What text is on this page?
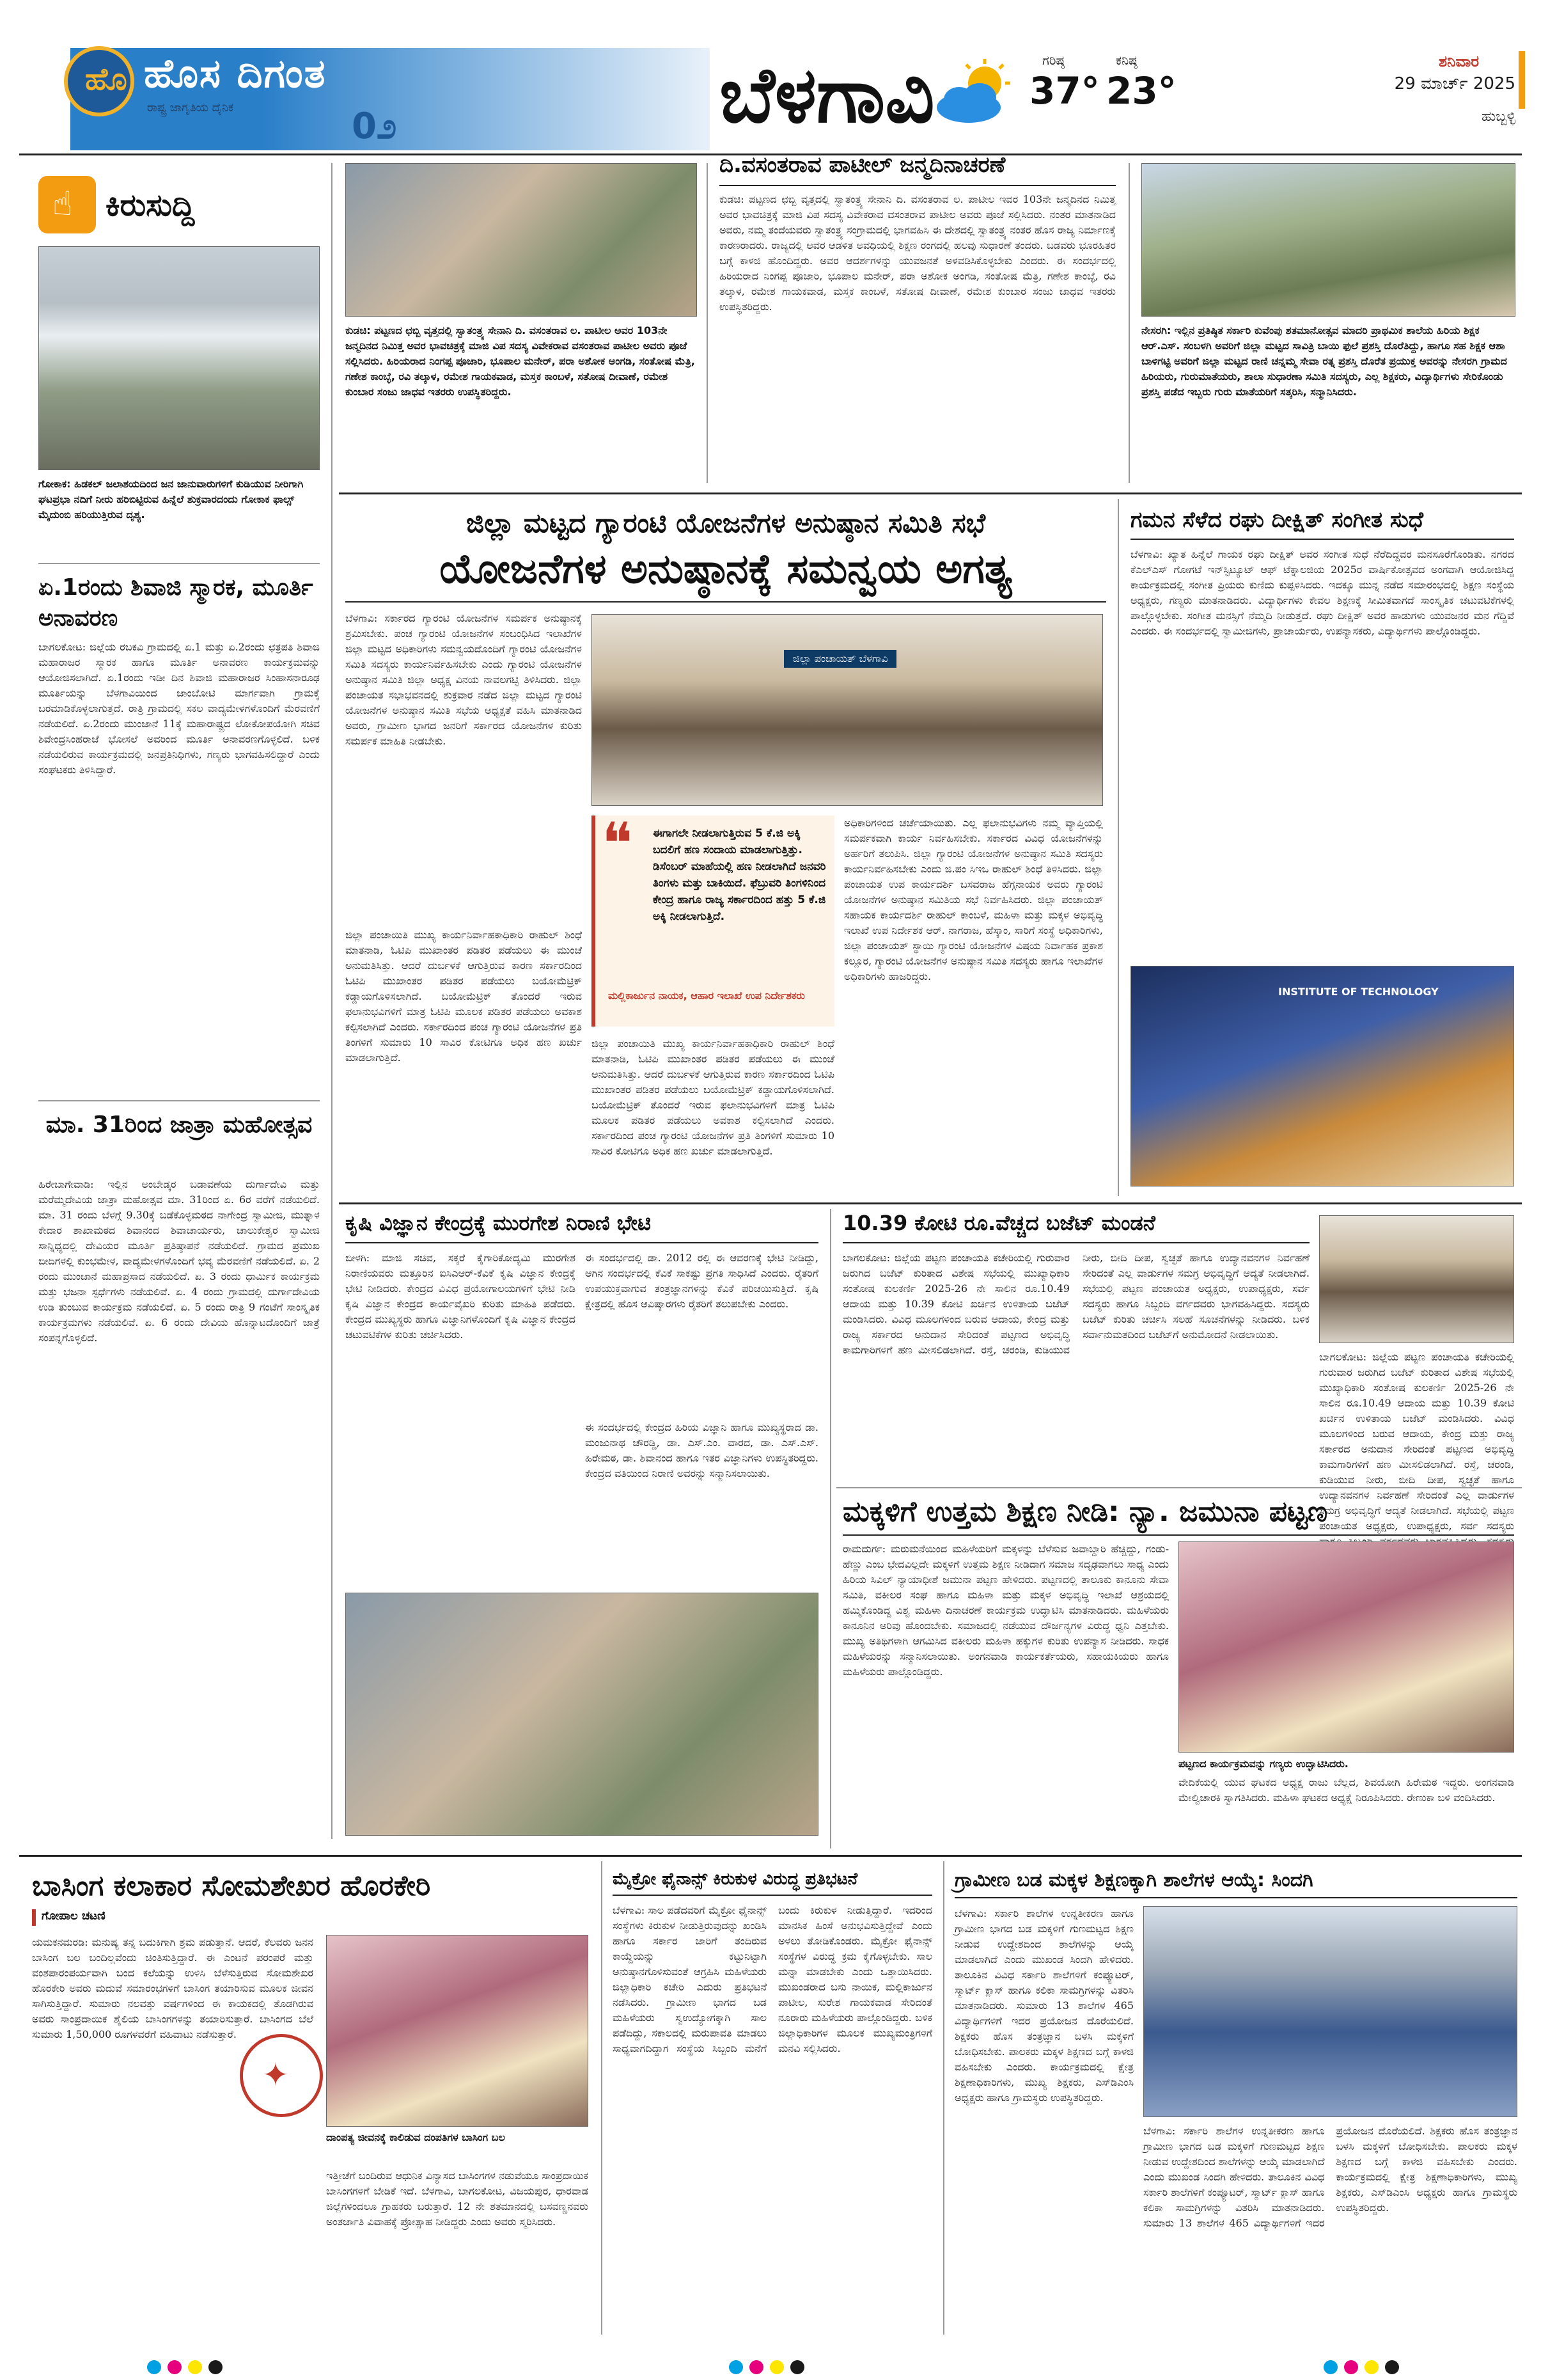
ಹೊ ಹೊಸ ದಿಗಂತ
ರಾಷ್ಟ್ರ ಜಾಗೃತಿಯ ದೈನಿಕ	0೨	ಬೆಳಗಾವಿ	ಗರಿಷ್ಠ
37°
ಕನಿಷ್ಠ
23°
ಶನಿವಾರ
29 ಮಾರ್ಚ್ 2025
ಹುಬ್ಬಳ್ಳಿ
☝ ಕಿರುಸುದ್ದಿ

ಗೋಕಾಕ: ಹಿಡಕಲ್ ಜಲಾಶಯದಿಂದ ಜನ ಜಾನುವಾರುಗಳಿಗೆ ಕುಡಿಯುವ ನೀರಿಗಾಗಿ ಘಟಪ್ರಭಾ ನದಿಗೆ ನೀರು ಹರಿಬಿಟ್ಟಿರುವ ಹಿನ್ನೆಲೆ ಶುಕ್ರವಾರದಂದು ಗೋಕಾಕ ಫಾಲ್ಸ್ ಮೈದುಂಬಿ ಹರಿಯುತ್ತಿರುವ ದೃಶ್ಯ.

ಏ.1ರಂದು ಶಿವಾಜಿ ಸ್ಮಾರಕ, ಮೂರ್ತಿ ಅನಾವರಣ

ಬಾಗಲಕೋಟ: ಜಿಲ್ಲೆಯ ರಬಕವಿ ಗ್ರಾಮದಲ್ಲಿ ಏ.1 ಮತ್ತು ಏ.2ರಂದು ಛತ್ರಪತಿ ಶಿವಾಜಿ ಮಹಾರಾಜರ ಸ್ಮಾರಕ ಹಾಗೂ ಮೂರ್ತಿ ಅನಾವರಣ ಕಾರ್ಯಕ್ರಮವನ್ನು ಆಯೋಜಿಸಲಾಗಿದೆ. ಏ.1ರಂದು ಇಡೀ ದಿನ ಶಿವಾಜಿ ಮಹಾರಾಜರ ಸಿಂಹಾಸನಾರೂಢ ಮೂರ್ತಿಯನ್ನು ಬೆಳಗಾವಿಯಿಂದ ಜಾಂಬೋಟಿ ಮಾರ್ಗವಾಗಿ ಗ್ರಾಮಕ್ಕೆ ಬರಮಾಡಿಕೊಳ್ಳಲಾಗುತ್ತದೆ. ರಾತ್ರಿ ಗ್ರಾಮದಲ್ಲಿ ಸಕಲ ವಾದ್ಯಮೇಳಗಳೊಂದಿಗೆ ಮೆರವಣಿಗೆ ನಡೆಯಲಿದೆ. ಏ.2ರಂದು ಮುಂಜಾನೆ 11ಕ್ಕೆ ಮಹಾರಾಷ್ಟ್ರದ ಲೋಕೋಪಯೋಗಿ ಸಚಿವ ಶಿವೇಂದ್ರಸಿಂಹರಾಜೆ ಭೋಸಲೆ ಅವರಿಂದ ಮೂರ್ತಿ ಅನಾವರಣಗೊಳ್ಳಲಿದೆ. ಬಳಿಕ ನಡೆಯಲಿರುವ ಕಾರ್ಯಕ್ರಮದಲ್ಲಿ ಜನಪ್ರತಿನಿಧಿಗಳು, ಗಣ್ಯರು ಭಾಗವಹಿಸಲಿದ್ದಾರೆ ಎಂದು ಸಂಘಟಕರು ತಿಳಿಸಿದ್ದಾರೆ.

ಮಾ. 31ರಿಂದ ಜಾತ್ರಾ ಮಹೋತ್ಸವ

ಹಿರೇಬಾಗೇವಾಡಿ: ಇಲ್ಲಿನ ಅಂಬೇಡ್ಕರ ಬಡಾವಣೆಯ ದುರ್ಗಾದೇವಿ ಮತ್ತು ಮರೆಮ್ಮದೇವಿಯ ಜಾತ್ರಾ ಮಹೋತ್ಸವ ಮಾ. 31ರಿಂದ ಏ. 6ರ ವರೆಗೆ ನಡೆಯಲಿದೆ. ಮಾ. 31 ರಂದು ಬೆಳಗ್ಗೆ 9.30ಕ್ಕೆ ಬಡೆಕೊಳ್ಳಮಠದ ನಾಗೇಂದ್ರ ಸ್ವಾಮೀಜಿ, ಮುತ್ನಾಳ ಕೇದಾರ ಶಾಖಾಮಠದ ಶಿವಾನಂದ ಶಿವಾಚಾರ್ಯರು, ಚಾಲುಕೇಶ್ವರ ಸ್ವಾಮೀಜಿ ಸಾನ್ನಿಧ್ಯದಲ್ಲಿ ದೇವಿಯರ ಮೂರ್ತಿ ಪ್ರತಿಷ್ಠಾಪನೆ ನಡೆಯಲಿದೆ. ಗ್ರಾಮದ ಪ್ರಮುಖ ಬೀದಿಗಳಲ್ಲಿ ಕುಂಭಮೇಳ, ವಾದ್ಯಮೇಳಗಳೊಂದಿಗೆ ಭವ್ಯ ಮೆರವಣಿಗೆ ನಡೆಯಲಿದೆ. ಏ. 2 ರಂದು ಮುಂಜಾನೆ ಮಹಾಪ್ರಸಾದ ನಡೆಯಲಿದೆ. ಏ. 3 ರಂದು ಧಾರ್ಮಿಕ ಕಾರ್ಯಕ್ರಮ ಮತ್ತು ಭಜನಾ ಸ್ಪರ್ಧೆಗಳು ನಡೆಯಲಿವೆ. ಏ. 4 ರಂದು ಗ್ರಾಮದಲ್ಲಿ ದುರ್ಗಾದೇವಿಯ ಉಡಿ ತುಂಬುವ ಕಾರ್ಯಕ್ರಮ ನಡೆಯಲಿದೆ. ಏ. 5 ರಂದು ರಾತ್ರಿ 9 ಗಂಟೆಗೆ ಸಾಂಸ್ಕೃತಿಕ ಕಾರ್ಯಕ್ರಮಗಳು ನಡೆಯಲಿವೆ. ಏ. 6 ರಂದು ದೇವಿಯ ಹೊನ್ನಾಟದೊಂದಿಗೆ ಜಾತ್ರೆ ಸಂಪನ್ನಗೊಳ್ಳಲಿದೆ.

ಕುಡಚಿ: ಪಟ್ಟಣದ ಛಬ್ಬಿ ವೃತ್ತದಲ್ಲಿ ಸ್ವಾತಂತ್ರ್ಯ ಸೇನಾನಿ ದಿ. ವಸಂತರಾವ ಲ. ಪಾಟೀಲ ಅವರ 103ನೇ ಜನ್ಮದಿನದ ನಿಮಿತ್ತ ಅವರ ಭಾವಚಿತ್ರಕ್ಕೆ ಮಾಜಿ ವಿಪ ಸದಸ್ಯ ವಿವೇಕರಾವ ವಸಂತರಾವ ಪಾಟೀಲ ಅವರು ಪೂಜೆ ಸಲ್ಲಿಸಿದರು. ಹಿರಿಯರಾದ ನಿಂಗಪ್ಪ ಪೂಜಾರಿ, ಭೂಪಾಲ ಮನೇರ್, ಪರಾ ಅಶೋಕ ಅಂಗಡಿ, ಸಂತೋಷ ಮೆತ್ರಿ, ಗಣೇಶ ಕಾಂಬ್ಳೆ, ರವಿ ತಲ್ಕಾಳ, ರಮೇಶ ಗಾಯಕವಾಡ, ಮಸ್ತಕ ಕಾಂಬಳೆ, ಸತೋಷ ದೀವಾಣೆ, ರಮೇಶ ಕುಂಬಾರ ಸಂಜು ಜಾಧವ ಇತರರು ಉಪಸ್ಥಿತರಿದ್ದರು.

ದಿ.ವಸಂತರಾವ ಪಾಟೀಲ್ ಜನ್ಮದಿನಾಚರಣೆ

ಕುಡಚಿ: ಪಟ್ಟಣದ ಛಬ್ಬಿ ವೃತ್ತದಲ್ಲಿ ಸ್ವಾತಂತ್ರ್ಯ ಸೇನಾನಿ ದಿ. ವಸಂತರಾವ ಲ. ಪಾಟೀಲ ಇವರ 103ನೇ ಜನ್ಮದಿನದ ನಿಮಿತ್ತ ಅವರ ಭಾವಚಿತ್ರಕ್ಕೆ ಮಾಜಿ ವಿಪ ಸದಸ್ಯ ವಿವೇಕರಾವ ವಸಂತರಾವ ಪಾಟೀಲ ಅವರು ಪೂಜೆ ಸಲ್ಲಿಸಿದರು. ನಂತರ ಮಾತನಾಡಿದ ಅವರು, ನಮ್ಮ ತಂದೆಯವರು ಸ್ವಾತಂತ್ರ್ಯ ಸಂಗ್ರಾಮದಲ್ಲಿ ಭಾಗವಹಿಸಿ ಈ ದೇಶದಲ್ಲಿ ಸ್ವಾತಂತ್ರ್ಯ ನಂತರ ಹೊಸ ರಾಜ್ಯ ನಿರ್ಮಾಣಕ್ಕೆ ಕಾರಣರಾದರು. ರಾಜ್ಯದಲ್ಲಿ ಅವರ ಆಡಳಿತ ಅವಧಿಯಲ್ಲಿ ಶಿಕ್ಷಣ ರಂಗದಲ್ಲಿ ಹಲವು ಸುಧಾರಣೆ ತಂದರು. ಬಡವರು ಭೂರಹಿತರ ಬಗ್ಗೆ ಕಾಳಜಿ ಹೊಂದಿದ್ದರು. ಅವರ ಆದರ್ಶಗಳನ್ನು ಯುವಜನತೆ ಅಳವಡಿಸಿಕೊಳ್ಳಬೇಕು ಎಂದರು. ಈ ಸಂದರ್ಭದಲ್ಲಿ ಹಿರಿಯರಾದ ನಿಂಗಪ್ಪ ಪೂಜಾರಿ, ಭೂಪಾಲ ಮನೇರ್, ಪರಾ ಅಶೋಕ ಅಂಗಡಿ, ಸಂತೋಷ ಮೆತ್ರಿ, ಗಣೇಶ ಕಾಂಬ್ಳೆ, ರವಿ ತಲ್ಕಾಳ, ರಮೇಶ ಗಾಯಕವಾಡ, ಮಸ್ತಕ ಕಾಂಬಳೆ, ಸತೋಷ ದೀವಾಣೆ, ರಮೇಶ ಕುಂಬಾರ ಸಂಜು ಜಾಧವ ಇತರರು ಉಪಸ್ಥಿತರಿದ್ದರು.

ನೇಸರಗಿ: ಇಲ್ಲಿನ ಪ್ರತಿಷ್ಠಿತ ಸರ್ಕಾರಿ ಕುವೆಂಪು ಶತಮಾನೋತ್ಸವ ಮಾದರಿ ಪ್ರಾಥಮಿಕ ಶಾಲೆಯ ಹಿರಿಯ ಶಿಕ್ಷಕ ಆರ್.ಎಸ್. ಸಂಬಳಗಿ ಅವರಿಗೆ ಜಿಲ್ಲಾ ಮಟ್ಟದ ಸಾವಿತ್ರಿ ಬಾಯಿ ಫುಲೆ ಪ್ರಶಸ್ತಿ ದೊರೆತಿದ್ದು, ಹಾಗೂ ಸಹ ಶಿಕ್ಷಕ ಆಶಾ ಬಾಳಿಗಟ್ಟಿ ಅವರಿಗೆ ಜಿಲ್ಲಾ ಮಟ್ಟದ ರಾಣಿ ಚನ್ನಮ್ಮ ಸೇವಾ ರತ್ನ ಪ್ರಶಸ್ತಿ ದೊರೆತ ಪ್ರಯುಕ್ತ ಅವರನ್ನು ನೇಸರಗಿ ಗ್ರಾಮದ ಹಿರಿಯರು, ಗುರುಮಾತೆಯರು, ಶಾಲಾ ಸುಧಾರಣಾ ಸಮಿತಿ ಸದಸ್ಯರು, ಎಲ್ಲ ಶಿಕ್ಷಕರು, ವಿದ್ಯಾರ್ಥಿಗಳು ಸೇರಿಕೊಂಡು ಪ್ರಶಸ್ತಿ ಪಡೆದ ಇಬ್ಬರು ಗುರು ಮಾತೆಯರಿಗೆ ಸತ್ಕರಿಸಿ, ಸನ್ಮಾನಿಸಿದರು.

ಜಿಲ್ಲಾ ಮಟ್ಟದ ಗ್ಯಾರಂಟಿ ಯೋಜನೆಗಳ ಅನುಷ್ಠಾನ ಸಮಿತಿ ಸಭೆ
ಯೋಜನೆಗಳ ಅನುಷ್ಠಾನಕ್ಕೆ ಸಮನ್ವಯ ಅಗತ್ಯ

ಬೆಳಗಾವಿ: ಸರ್ಕಾರದ ಗ್ಯಾರಂಟಿ ಯೋಜನೆಗಳ ಸಮರ್ಪಕ ಅನುಷ್ಠಾನಕ್ಕೆ ಶ್ರಮಿಸಬೇಕು. ಪಂಚ ಗ್ಯಾರಂಟಿ ಯೋಜನೆಗಳ ಸಂಬಂಧಿಸಿದ ಇಲಾಖೆಗಳ ಜಿಲ್ಲಾ ಮಟ್ಟದ ಅಧಿಕಾರಿಗಳು ಸಮನ್ವಯದೊಂದಿಗೆ ಗ್ಯಾರಂಟಿ ಯೋಜನೆಗಳ ಸಮಿತಿ ಸದಸ್ಯರು ಕಾರ್ಯನಿರ್ವಹಿಸಬೇಕು ಎಂದು ಗ್ಯಾರಂಟಿ ಯೋಜನೆಗಳ ಅನುಷ್ಠಾನ ಸಮಿತಿ ಜಿಲ್ಲಾ ಅಧ್ಯಕ್ಷ ವಿನಯ ನಾವಲಗಟ್ಟಿ ತಿಳಿಸಿದರು. ಜಿಲ್ಲಾ ಪಂಚಾಯತ ಸಭಾಭವನದಲ್ಲಿ ಶುಕ್ರವಾರ ನಡೆದ ಜಿಲ್ಲಾ ಮಟ್ಟದ ಗ್ಯಾರಂಟಿ ಯೋಜನೆಗಳ ಅನುಷ್ಠಾನ ಸಮಿತಿ ಸಭೆಯ ಅಧ್ಯಕ್ಷತೆ ವಹಿಸಿ ಮಾತನಾಡಿದ ಅವರು, ಗ್ರಾಮೀಣ ಭಾಗದ ಜನರಿಗೆ ಸರ್ಕಾರದ ಯೋಜನೆಗಳ ಕುರಿತು ಸಮರ್ಪಕ ಮಾಹಿತಿ ನೀಡಬೇಕು.

ಜಿಲ್ಲಾ ಪಂಚಾಯಿತಿ ಮುಖ್ಯ ಕಾರ್ಯನಿರ್ವಾಹಕಾಧಿಕಾರಿ ರಾಹುಲ್ ಶಿಂಧೆ ಮಾತನಾಡಿ, ಓಟಿಪಿ ಮುಖಾಂತರ ಪಡಿತರ ಪಡೆಯಲು ಈ ಮುಂಚೆ ಅನುಮತಿಸಿತ್ತು. ಆದರೆ ದುರ್ಬಳಕೆ ಆಗುತ್ತಿರುವ ಕಾರಣ ಸರ್ಕಾರದಿಂದ ಓಟಿಪಿ ಮುಖಾಂತರ ಪಡಿತರ ಪಡೆಯಲು ಬಯೋಮೆಟ್ರಿಕ್ ಕಡ್ಡಾಯಗೊಳಿಸಲಾಗಿದೆ. ಬಯೋಮೆಟ್ರಿಕ್ ತೊಂದರೆ ಇರುವ ಫಲಾನುಭವಿಗಳಿಗೆ ಮಾತ್ರ ಓಟಿಪಿ ಮೂಲಕ ಪಡಿತರ ಪಡೆಯಲು ಅವಕಾಶ ಕಲ್ಪಿಸಲಾಗಿದೆ ಎಂದರು. ಸರ್ಕಾರದಿಂದ ಪಂಚ ಗ್ಯಾರಂಟಿ ಯೋಜನೆಗಳ ಪ್ರತಿ ತಿಂಗಳಿಗೆ ಸುಮಾರು 10 ಸಾವಿರ ಕೋಟಿಗೂ ಅಧಿಕ ಹಣ ಖರ್ಚು ಮಾಡಲಾಗುತ್ತಿದೆ.

ಜಿಲ್ಲಾ ಪಂಚಾಯತ್ ಬೆಳಗಾವಿ
❝ ಈಗಾಗಲೇ ನೀಡಲಾಗುತ್ತಿರುವ 5 ಕೆ.ಜಿ ಅಕ್ಕಿ ಬದಲಿಗೆ ಹಣ ಸಂದಾಯ ಮಾಡಲಾಗುತ್ತಿತ್ತು. ಡಿಸೆಂಬರ್ ಮಾಹೆಯಲ್ಲಿ ಹಣ ನೀಡಲಾಗಿದೆ ಜನವರಿ ತಿಂಗಳು ಮತ್ತು ಬಾಕಿಯಿದೆ. ಫೆಬ್ರುವರಿ ತಿಂಗಳಿನಿಂದ ಕೇಂದ್ರ ಹಾಗೂ ರಾಜ್ಯ ಸರ್ಕಾರದಿಂದ ಹತ್ತು 5 ಕೆ.ಜಿ ಅಕ್ಕಿ ನೀಡಲಾಗುತ್ತಿದೆ.

ಮಲ್ಲಿಕಾರ್ಜುನ ನಾಯಕ, ಆಹಾರ ಇಲಾಖೆ ಉಪ ನಿರ್ದೇಶಕರು

ಅಧಿಕಾರಿಗಳಿಂದ ಚರ್ಚೆಯಾಯಿತು. ಎಲ್ಲ ಫಲಾನುಭವಿಗಳು ನಮ್ಮ ವ್ಯಾಪ್ತಿಯಲ್ಲಿ ಸಮರ್ಪಕವಾಗಿ ಕಾರ್ಯ ನಿರ್ವಹಿಸಬೇಕು. ಸರ್ಕಾರದ ವಿವಿಧ ಯೋಜನೆಗಳನ್ನು ಅರ್ಹರಿಗೆ ತಲುಪಿಸಿ. ಜಿಲ್ಲಾ ಗ್ಯಾರಂಟಿ ಯೋಜನೆಗಳ ಅನುಷ್ಠಾನ ಸಮಿತಿ ಸದಸ್ಯರು ಕಾರ್ಯನಿರ್ವಹಿಸಬೇಕು ಎಂದು ಜಿ.ಪಂ ಸಿಇಒ ರಾಹುಲ್ ಶಿಂಧೆ ತಿಳಿಸಿದರು. ಜಿಲ್ಲಾ ಪಂಚಾಯತ ಉಪ ಕಾರ್ಯದರ್ಶಿ ಬಸವರಾಜ ಹೆಗ್ಗನಾಯಕ ಅವರು ಗ್ಯಾರಂಟಿ ಯೋಜನೆಗಳ ಅನುಷ್ಠಾನ ಸಮಿತಿಯ ಸಭೆ ನಿರ್ವಹಿಸಿದರು. ಜಿಲ್ಲಾ ಪಂಚಾಯತ್ ಸಹಾಯಕ ಕಾರ್ಯದರ್ಶಿ ರಾಹುಲ್ ಕಾಂಬಳೆ, ಮಹಿಳಾ ಮತ್ತು ಮಕ್ಕಳ ಅಭಿವೃದ್ಧಿ ಇಲಾಖೆ ಉಪ ನಿರ್ದೇಶಕ ಆರ್. ನಾಗರಾಜ, ಹೆಸ್ಕಾಂ, ಸಾರಿಗೆ ಸಂಸ್ಥೆ ಅಧಿಕಾರಿಗಳು, ಜಿಲ್ಲಾ ಪಂಚಾಯತ್ ಸ್ಥಾಯಿ ಗ್ಯಾರಂಟಿ ಯೋಜನೆಗಳ ವಿಷಯ ನಿರ್ವಾಹಕ ಪ್ರಕಾಶ ಕಲ್ಲೂರ, ಗ್ಯಾರಂಟಿ ಯೋಜನೆಗಳ ಅನುಷ್ಠಾನ ಸಮಿತಿ ಸದಸ್ಯರು ಹಾಗೂ ಇಲಾಖೆಗಳ ಅಧಿಕಾರಿಗಳು ಹಾಜರಿದ್ದರು.

ಜಿಲ್ಲಾ ಪಂಚಾಯಿತಿ ಮುಖ್ಯ ಕಾರ್ಯನಿರ್ವಾಹಕಾಧಿಕಾರಿ ರಾಹುಲ್ ಶಿಂಧೆ ಮಾತನಾಡಿ, ಓಟಿಪಿ ಮುಖಾಂತರ ಪಡಿತರ ಪಡೆಯಲು ಈ ಮುಂಚೆ ಅನುಮತಿಸಿತ್ತು. ಆದರೆ ದುರ್ಬಳಕೆ ಆಗುತ್ತಿರುವ ಕಾರಣ ಸರ್ಕಾರದಿಂದ ಓಟಿಪಿ ಮುಖಾಂತರ ಪಡಿತರ ಪಡೆಯಲು ಬಯೋಮೆಟ್ರಿಕ್ ಕಡ್ಡಾಯಗೊಳಿಸಲಾಗಿದೆ. ಬಯೋಮೆಟ್ರಿಕ್ ತೊಂದರೆ ಇರುವ ಫಲಾನುಭವಿಗಳಿಗೆ ಮಾತ್ರ ಓಟಿಪಿ ಮೂಲಕ ಪಡಿತರ ಪಡೆಯಲು ಅವಕಾಶ ಕಲ್ಪಿಸಲಾಗಿದೆ ಎಂದರು. ಸರ್ಕಾರದಿಂದ ಪಂಚ ಗ್ಯಾರಂಟಿ ಯೋಜನೆಗಳ ಪ್ರತಿ ತಿಂಗಳಿಗೆ ಸುಮಾರು 10 ಸಾವಿರ ಕೋಟಿಗೂ ಅಧಿಕ ಹಣ ಖರ್ಚು ಮಾಡಲಾಗುತ್ತಿದೆ.

ಗಮನ ಸೆಳೆದ ರಘು ದೀಕ್ಷಿತ್ ಸಂಗೀತ ಸುಧೆ

ಬೆಳಗಾವಿ: ಖ್ಯಾತ ಹಿನ್ನೆಲೆ ಗಾಯಕ ರಘು ದೀಕ್ಷಿತ್ ಅವರ ಸಂಗೀತ ಸುಧೆ ನೆರೆದಿದ್ದವರ ಮನಸೂರೆಗೊಂಡಿತು. ನಗರದ ಕೆಎಲ್‌ಎಸ್ ಗೋಗಟೆ ಇನ್‌ಸ್ಟಿಟ್ಯೂಟ್ ಆಫ್ ಟೆಕ್ನಾಲಜಿಯ 2025ರ ವಾರ್ಷಿಕೋತ್ಸವದ ಅಂಗವಾಗಿ ಆಯೋಜಿಸಿದ್ದ ಕಾರ್ಯಕ್ರಮದಲ್ಲಿ ಸಂಗೀತ ಪ್ರಿಯರು ಕುಣಿದು ಕುಪ್ಪಳಿಸಿದರು. ಇದಕ್ಕೂ ಮುನ್ನ ನಡೆದ ಸಮಾರಂಭದಲ್ಲಿ ಶಿಕ್ಷಣ ಸಂಸ್ಥೆಯ ಅಧ್ಯಕ್ಷರು, ಗಣ್ಯರು ಮಾತನಾಡಿದರು. ವಿದ್ಯಾರ್ಥಿಗಳು ಕೇವಲ ಶಿಕ್ಷಣಕ್ಕೆ ಸೀಮಿತವಾಗದೆ ಸಾಂಸ್ಕೃತಿಕ ಚಟುವಟಿಕೆಗಳಲ್ಲಿ ಪಾಲ್ಗೊಳ್ಳಬೇಕು. ಸಂಗೀತ ಮನಸ್ಸಿಗೆ ನೆಮ್ಮದಿ ನೀಡುತ್ತದೆ. ರಘು ದೀಕ್ಷಿತ್ ಅವರ ಹಾಡುಗಳು ಯುವಜನರ ಮನ ಗೆದ್ದಿವೆ ಎಂದರು. ಈ ಸಂದರ್ಭದಲ್ಲಿ ಸ್ವಾಮೀಜಿಗಳು, ಪ್ರಾಚಾರ್ಯರು, ಉಪನ್ಯಾಸಕರು, ವಿದ್ಯಾರ್ಥಿಗಳು ಪಾಲ್ಗೊಂಡಿದ್ದರು.

INSTITUTE OF TECHNOLOGY
ಕೃಷಿ ವಿಜ್ಞಾನ ಕೇಂದ್ರಕ್ಕೆ ಮುರಗೇಶ ನಿರಾಣಿ ಭೇಟಿ

ಬೀಳಗಿ: ಮಾಜಿ ಸಚಿವ, ಸಕ್ಕರೆ ಕೈಗಾರಿಕೋದ್ಯಮಿ ಮುರಗೇಶ ನಿರಾಣಿಯವರು ಮತ್ತೂರಿನ ಐಸಿಎಆರ್-ಕೆವಿಕೆ ಕೃಷಿ ವಿಜ್ಞಾನ ಕೇಂದ್ರಕ್ಕೆ ಭೇಟಿ ನೀಡಿದರು. ಕೇಂದ್ರದ ವಿವಿಧ ಪ್ರಯೋಗಾಲಯಗಳಿಗೆ ಭೇಟಿ ನೀಡಿ ಕೃಷಿ ವಿಜ್ಞಾನ ಕೇಂದ್ರದ ಕಾರ್ಯವೈಖರಿ ಕುರಿತು ಮಾಹಿತಿ ಪಡೆದರು. ಕೇಂದ್ರದ ಮುಖ್ಯಸ್ಥರು ಹಾಗೂ ವಿಜ್ಞಾನಿಗಳೊಂದಿಗೆ ಕೃಷಿ ವಿಜ್ಞಾನ ಕೇಂದ್ರದ ಚಟುವಟಿಕೆಗಳ ಕುರಿತು ಚರ್ಚಿಸಿದರು.

ಈ ಸಂದರ್ಭದಲ್ಲಿ ಡಾ. 2012 ರಲ್ಲಿ ಈ ಆವರಣಕ್ಕೆ ಭೇಟಿ ನೀಡಿದ್ದು, ಆಗಿನ ಸಂದರ್ಭದಲ್ಲಿ ಕೆವಿಕೆ ಸಾಕಷ್ಟು ಪ್ರಗತಿ ಸಾಧಿಸಿದೆ ಎಂದರು. ರೈತರಿಗೆ ಉಪಯುಕ್ತವಾಗುವ ತಂತ್ರಜ್ಞಾನಗಳನ್ನು ಕೆವಿಕೆ ಪರಿಚಯಿಸುತ್ತಿದೆ. ಕೃಷಿ ಕ್ಷೇತ್ರದಲ್ಲಿ ಹೊಸ ಆವಿಷ್ಕಾರಗಳು ರೈತರಿಗೆ ತಲುಪಬೇಕು ಎಂದರು.

ಈ ಸಂದರ್ಭದಲ್ಲಿ ಕೇಂದ್ರದ ಹಿರಿಯ ವಿಜ್ಞಾನಿ ಹಾಗೂ ಮುಖ್ಯಸ್ಥರಾದ ಡಾ. ಮಂಜುನಾಥ ಚೌರಡ್ಡಿ, ಡಾ. ಎಸ್.ಎಂ. ವಾರದ, ಡಾ. ಎಸ್.ಎಸ್. ಹಿರೇಮಠ, ಡಾ. ಶಿವಾನಂದ ಹಾಗೂ ಇತರ ವಿಜ್ಞಾನಿಗಳು ಉಪಸ್ಥಿತರಿದ್ದರು. ಕೇಂದ್ರದ ವತಿಯಿಂದ ನಿರಾಣಿ ಅವರನ್ನು ಸನ್ಮಾನಿಸಲಾಯಿತು.

10.39 ಕೋಟಿ ರೂ.ವೆಚ್ಚದ ಬಜೆಟ್ ಮಂಡನೆ

ಬಾಗಲಕೋಟ: ಜಿಲ್ಲೆಯ ಪಟ್ಟಣ ಪಂಚಾಯತಿ ಕಚೇರಿಯಲ್ಲಿ ಗುರುವಾರ ಜರುಗಿದ ಬಜೆಟ್ ಕುರಿತಾದ ವಿಶೇಷ ಸಭೆಯಲ್ಲಿ ಮುಖ್ಯಾಧಿಕಾರಿ ಸಂತೋಷ ಕುಲಕರ್ಣಿ 2025-26 ನೇ ಸಾಲಿನ ರೂ.10.49 ಆದಾಯ ಮತ್ತು 10.39 ಕೋಟಿ ಖರ್ಚಿನ ಉಳಿತಾಯ ಬಜೆಟ್ ಮಂಡಿಸಿದರು. ವಿವಿಧ ಮೂಲಗಳಿಂದ ಬರುವ ಆದಾಯ, ಕೇಂದ್ರ ಮತ್ತು ರಾಜ್ಯ ಸರ್ಕಾರದ ಅನುದಾನ ಸೇರಿದಂತೆ ಪಟ್ಟಣದ ಅಭಿವೃದ್ಧಿ ಕಾಮಗಾರಿಗಳಿಗೆ ಹಣ ಮೀಸಲಿಡಲಾಗಿದೆ. ರಸ್ತೆ, ಚರಂಡಿ, ಕುಡಿಯುವ ನೀರು, ಬೀದಿ ದೀಪ, ಸ್ವಚ್ಛತೆ ಹಾಗೂ ಉದ್ಯಾನವನಗಳ ನಿರ್ವಹಣೆ ಸೇರಿದಂತೆ ಎಲ್ಲ ವಾರ್ಡುಗಳ ಸಮಗ್ರ ಅಭಿವೃದ್ಧಿಗೆ ಆದ್ಯತೆ ನೀಡಲಾಗಿದೆ. ಸಭೆಯಲ್ಲಿ ಪಟ್ಟಣ ಪಂಚಾಯತ ಅಧ್ಯಕ್ಷರು, ಉಪಾಧ್ಯಕ್ಷರು, ಸರ್ವ ಸದಸ್ಯರು ಹಾಗೂ ಸಿಬ್ಬಂದಿ ವರ್ಗದವರು ಭಾಗವಹಿಸಿದ್ದರು. ಸದಸ್ಯರು ಬಜೆಟ್ ಕುರಿತು ಚರ್ಚಿಸಿ ಸಲಹೆ ಸೂಚನೆಗಳನ್ನು ನೀಡಿದರು. ಬಳಿಕ ಸರ್ವಾನುಮತದಿಂದ ಬಜೆಟ್‌ಗೆ ಅನುಮೋದನೆ ನೀಡಲಾಯಿತು.

ಬಾಗಲಕೋಟ: ಜಿಲ್ಲೆಯ ಪಟ್ಟಣ ಪಂಚಾಯತಿ ಕಚೇರಿಯಲ್ಲಿ ಗುರುವಾರ ಜರುಗಿದ ಬಜೆಟ್ ಕುರಿತಾದ ವಿಶೇಷ ಸಭೆಯಲ್ಲಿ ಮುಖ್ಯಾಧಿಕಾರಿ ಸಂತೋಷ ಕುಲಕರ್ಣಿ 2025-26 ನೇ ಸಾಲಿನ ರೂ.10.49 ಆದಾಯ ಮತ್ತು 10.39 ಕೋಟಿ ಖರ್ಚಿನ ಉಳಿತಾಯ ಬಜೆಟ್ ಮಂಡಿಸಿದರು. ವಿವಿಧ ಮೂಲಗಳಿಂದ ಬರುವ ಆದಾಯ, ಕೇಂದ್ರ ಮತ್ತು ರಾಜ್ಯ ಸರ್ಕಾರದ ಅನುದಾನ ಸೇರಿದಂತೆ ಪಟ್ಟಣದ ಅಭಿವೃದ್ಧಿ ಕಾಮಗಾರಿಗಳಿಗೆ ಹಣ ಮೀಸಲಿಡಲಾಗಿದೆ. ರಸ್ತೆ, ಚರಂಡಿ, ಕುಡಿಯುವ ನೀರು, ಬೀದಿ ದೀಪ, ಸ್ವಚ್ಛತೆ ಹಾಗೂ ಉದ್ಯಾನವನಗಳ ನಿರ್ವಹಣೆ ಸೇರಿದಂತೆ ಎಲ್ಲ ವಾರ್ಡುಗಳ ಸಮಗ್ರ ಅಭಿವೃದ್ಧಿಗೆ ಆದ್ಯತೆ ನೀಡಲಾಗಿದೆ. ಸಭೆಯಲ್ಲಿ ಪಟ್ಟಣ ಪಂಚಾಯತ ಅಧ್ಯಕ್ಷರು, ಉಪಾಧ್ಯಕ್ಷರು, ಸರ್ವ ಸದಸ್ಯರು

ಮಕ್ಕಳಿಗೆ ಉತ್ತಮ ಶಿಕ್ಷಣ ನೀಡಿ: ನ್ಯಾ. ಜಮುನಾ ಪಟ್ಟಣ

ರಾಮದುರ್ಗ: ಮರುಮನೆಯಿಂದ ಮಹಿಳೆಯರಿಗೆ ಮಕ್ಕಳನ್ನು ಬೆಳೆಸುವ ಜವಾಬ್ದಾರಿ ಹೆಚ್ಚಿದ್ದು, ಗಂಡು-ಹೆಣ್ಣು ಎಂಬ ಭೇದವಿಲ್ಲದೇ ಮಕ್ಕಳಿಗೆ ಉತ್ತಮ ಶಿಕ್ಷಣ ನೀಡಿದಾಗ ಸಮಾಜ ಸದೃಢವಾಗಲು ಸಾಧ್ಯ ಎಂದು ಹಿರಿಯ ಸಿವಿಲ್ ನ್ಯಾಯಾಧೀಶೆ ಜಮುನಾ ಪಟ್ಟಣ ಹೇಳಿದರು. ಪಟ್ಟಣದಲ್ಲಿ ತಾಲೂಕು ಕಾನೂನು ಸೇವಾ ಸಮಿತಿ, ವಕೀಲರ ಸಂಘ ಹಾಗೂ ಮಹಿಳಾ ಮತ್ತು ಮಕ್ಕಳ ಅಭಿವೃದ್ಧಿ ಇಲಾಖೆ ಆಶ್ರಯದಲ್ಲಿ ಹಮ್ಮಿಕೊಂಡಿದ್ದ ವಿಶ್ವ ಮಹಿಳಾ ದಿನಾಚರಣೆ ಕಾರ್ಯಕ್ರಮ ಉದ್ಘಾಟಿಸಿ ಮಾತನಾಡಿದರು. ಮಹಿಳೆಯರು ಕಾನೂನಿನ ಅರಿವು ಹೊಂದಬೇಕು. ಸಮಾಜದಲ್ಲಿ ನಡೆಯುವ ದೌರ್ಜನ್ಯಗಳ ವಿರುದ್ಧ ಧ್ವನಿ ಎತ್ತಬೇಕು. ಮುಖ್ಯ ಅತಿಥಿಗಳಾಗಿ ಆಗಮಿಸಿದ ವಕೀಲರು ಮಹಿಳಾ ಹಕ್ಕುಗಳ ಕುರಿತು ಉಪನ್ಯಾಸ ನೀಡಿದರು. ಸಾಧಕ ಮಹಿಳೆಯರನ್ನು ಸನ್ಮಾನಿಸಲಾಯಿತು. ಅಂಗನವಾಡಿ ಕಾರ್ಯಕರ್ತೆಯರು, ಸಹಾಯಕಿಯರು ಹಾಗೂ ಮಹಿಳೆಯರು ಪಾಲ್ಗೊಂಡಿದ್ದರು.

ಪಟ್ಟಣದ ಕಾರ್ಯಕ್ರಮವನ್ನು ಗಣ್ಯರು ಉದ್ಘಾಟಿಸಿದರು.

ವೇದಿಕೆಯಲ್ಲಿ ಯುವ ಘಟಕದ ಅಧ್ಯಕ್ಷ ರಾಜು ಬೆಲ್ಲದ, ಶಿವಯೋಗಿ ಹಿರೇಮಠ ಇದ್ದರು. ಅಂಗನವಾಡಿ ಮೇಲ್ವಿಚಾರಕಿ ಸ್ವಾಗತಿಸಿದರು. ಮಹಿಳಾ ಘಟಕದ ಅಧ್ಯಕ್ಷೆ ನಿರೂಪಿಸಿದರು. ರೇಣುಕಾ ಬಳಿ ವಂದಿಸಿದರು.

ಬಾಸಿಂಗ ಕಲಾಕಾರ ಸೋಮಶೇಖರ ಹೊರಕೇರಿ
ಗೋಪಾಲ ಚಟಣಿ

ಯಮಕನಮರಡಿ: ಮನುಷ್ಯ ತನ್ನ ಬದುಕಿಗಾಗಿ ಶ್ರಮ ಪಡುತ್ತಾನೆ. ಆದರೆ, ಕೆಲವರು ಜನನ ಬಾಸಿಂಗ ಬಲ ಬಂದಿಲ್ಲವೆಂದು ಚಿಂತಿಸುತ್ತಿದ್ದಾರೆ. ಈ ಎಂಟನೆ ಪರಂಪರೆ ಮತ್ತು ವಂಶಪಾರಂಪರ್ಯವಾಗಿ ಬಂದ ಕಲೆಯನ್ನು ಉಳಿಸಿ ಬೆಳೆಸುತ್ತಿರುವ ಸೋಮಶೇಖರ ಹೊರಕೇರಿ ಅವರು ಮದುವೆ ಸಮಾರಂಭಗಳಿಗೆ ಬಾಸಿಂಗ ತಯಾರಿಸುವ ಮೂಲಕ ಜೀವನ ಸಾಗಿಸುತ್ತಿದ್ದಾರೆ. ಸುಮಾರು ನಲವತ್ತು ವರ್ಷಗಳಿಂದ ಈ ಕಾಯಕದಲ್ಲಿ ತೊಡಗಿರುವ ಅವರು ಸಾಂಪ್ರದಾಯಿಕ ಶೈಲಿಯ ಬಾಸಿಂಗಗಳನ್ನು ತಯಾರಿಸುತ್ತಾರೆ. ಬಾಸಿಂಗದ ಬೆಲೆ ಸುಮಾರು 1,50,000 ರೂಗಳವರೆಗೆ ವಹಿವಾಟು ನಡೆಸುತ್ತಾರೆ.

✦

ದಾಂಪತ್ಯ ಜೀವನಕ್ಕೆ ಕಾಲಿಡುವ ದಂಪತಿಗಳ ಬಾಸಿಂಗ ಬಲ

ಇತ್ತೀಚೆಗೆ ಬಂದಿರುವ ಆಧುನಿಕ ವಿನ್ಯಾಸದ ಬಾಸಿಂಗಗಳ ನಡುವೆಯೂ ಸಾಂಪ್ರದಾಯಿಕ ಬಾಸಿಂಗಗಳಿಗೆ ಬೇಡಿಕೆ ಇದೆ. ಬೆಳಗಾವಿ, ಬಾಗಲಕೋಟ, ವಿಜಯಪುರ, ಧಾರವಾಡ ಜಿಲ್ಲೆಗಳಿಂದಲೂ ಗ್ರಾಹಕರು ಬರುತ್ತಾರೆ. 12 ನೇ ಶತಮಾನದಲ್ಲಿ ಬಸವಣ್ಣನವರು ಅಂತರ್ಜಾತಿ ವಿವಾಹಕ್ಕೆ ಪ್ರೋತ್ಸಾಹ ನೀಡಿದ್ದರು ಎಂದು ಅವರು ಸ್ಮರಿಸಿದರು.

ಮೈಕ್ರೋ ಫೈನಾನ್ಸ್ ಕಿರುಕುಳ ವಿರುದ್ಧ ಪ್ರತಿಭಟನೆ

ಬೆಳಗಾವಿ: ಸಾಲ ಪಡೆದವರಿಗೆ ಮೈಕ್ರೋ ಫೈನಾನ್ಸ್ ಸಂಸ್ಥೆಗಳು ಕಿರುಕುಳ ನೀಡುತ್ತಿರುವುದನ್ನು ಖಂಡಿಸಿ ಹಾಗೂ ಸರ್ಕಾರ ಜಾರಿಗೆ ತಂದಿರುವ ಕಾಯ್ದೆಯನ್ನು ಕಟ್ಟುನಿಟ್ಟಾಗಿ ಅನುಷ್ಠಾನಗೊಳಿಸುವಂತೆ ಆಗ್ರಹಿಸಿ ಮಹಿಳೆಯರು ಜಿಲ್ಲಾಧಿಕಾರಿ ಕಚೇರಿ ಎದುರು ಪ್ರತಿಭಟನೆ ನಡೆಸಿದರು. ಗ್ರಾಮೀಣ ಭಾಗದ ಬಡ ಮಹಿಳೆಯರು ಸ್ವಉದ್ಯೋಗಕ್ಕಾಗಿ ಸಾಲ ಪಡೆದಿದ್ದು, ಸಕಾಲದಲ್ಲಿ ಮರುಪಾವತಿ ಮಾಡಲು ಸಾಧ್ಯವಾಗದಿದ್ದಾಗ ಸಂಸ್ಥೆಯ ಸಿಬ್ಬಂದಿ ಮನೆಗೆ ಬಂದು ಕಿರುಕುಳ ನೀಡುತ್ತಿದ್ದಾರೆ. ಇದರಿಂದ ಮಾನಸಿಕ ಹಿಂಸೆ ಅನುಭವಿಸುತ್ತಿದ್ದೇವೆ ಎಂದು ಅಳಲು ತೋಡಿಕೊಂಡರು. ಮೈಕ್ರೋ ಫೈನಾನ್ಸ್ ಸಂಸ್ಥೆಗಳ ವಿರುದ್ಧ ಕ್ರಮ ಕೈಗೊಳ್ಳಬೇಕು. ಸಾಲ ಮನ್ನಾ ಮಾಡಬೇಕು ಎಂದು ಒತ್ತಾಯಿಸಿದರು. ಮುಖಂಡರಾದ ಬಸು ನಾಯಿಕ, ಮಲ್ಲಿಕಾರ್ಜುನ ಪಾಟೀಲ, ಸುರೇಶ ಗಾಯಕವಾಡ ಸೇರಿದಂತೆ ನೂರಾರು ಮಹಿಳೆಯರು ಪಾಲ್ಗೊಂಡಿದ್ದರು. ಬಳಿಕ ಜಿಲ್ಲಾಧಿಕಾರಿಗಳ ಮೂಲಕ ಮುಖ್ಯಮಂತ್ರಿಗಳಿಗೆ ಮನವಿ ಸಲ್ಲಿಸಿದರು.

ಗ್ರಾಮೀಣ ಬಡ ಮಕ್ಕಳ ಶಿಕ್ಷಣಕ್ಕಾಗಿ ಶಾಲೆಗಳ ಆಯ್ಕೆ: ಸಿಂದಗಿ

ಬೆಳಗಾವಿ: ಸರ್ಕಾರಿ ಶಾಲೆಗಳ ಉನ್ನತೀಕರಣ ಹಾಗೂ ಗ್ರಾಮೀಣ ಭಾಗದ ಬಡ ಮಕ್ಕಳಿಗೆ ಗುಣಮಟ್ಟದ ಶಿಕ್ಷಣ ನೀಡುವ ಉದ್ದೇಶದಿಂದ ಶಾಲೆಗಳನ್ನು ಆಯ್ಕೆ ಮಾಡಲಾಗಿದೆ ಎಂದು ಮುಖಂಡ ಸಿಂದಗಿ ಹೇಳಿದರು. ತಾಲೂಕಿನ ವಿವಿಧ ಸರ್ಕಾರಿ ಶಾಲೆಗಳಿಗೆ ಕಂಪ್ಯೂಟರ್, ಸ್ಮಾರ್ಟ್ ಕ್ಲಾಸ್ ಹಾಗೂ ಕಲಿಕಾ ಸಾಮಗ್ರಿಗಳನ್ನು ವಿತರಿಸಿ ಮಾತನಾಡಿದರು. ಸುಮಾರು 13 ಶಾಲೆಗಳ 465 ವಿದ್ಯಾರ್ಥಿಗಳಿಗೆ ಇದರ ಪ್ರಯೋಜನ ದೊರೆಯಲಿದೆ. ಶಿಕ್ಷಕರು ಹೊಸ ತಂತ್ರಜ್ಞಾನ ಬಳಸಿ ಮಕ್ಕಳಿಗೆ ಬೋಧಿಸಬೇಕು. ಪಾಲಕರು ಮಕ್ಕಳ ಶಿಕ್ಷಣದ ಬಗ್ಗೆ ಕಾಳಜಿ ವಹಿಸಬೇಕು ಎಂದರು. ಕಾರ್ಯಕ್ರಮದಲ್ಲಿ ಕ್ಷೇತ್ರ ಶಿಕ್ಷಣಾಧಿಕಾರಿಗಳು, ಮುಖ್ಯ ಶಿಕ್ಷಕರು, ಎಸ್‌ಡಿಎಂಸಿ ಅಧ್ಯಕ್ಷರು ಹಾಗೂ ಗ್ರಾಮಸ್ಥರು ಉಪಸ್ಥಿತರಿದ್ದರು.

ಬೆಳಗಾವಿ: ಸರ್ಕಾರಿ ಶಾಲೆಗಳ ಉನ್ನತೀಕರಣ ಹಾಗೂ ಗ್ರಾಮೀಣ ಭಾಗದ ಬಡ ಮಕ್ಕಳಿಗೆ ಗುಣಮಟ್ಟದ ಶಿಕ್ಷಣ ನೀಡುವ ಉದ್ದೇಶದಿಂದ ಶಾಲೆಗಳನ್ನು ಆಯ್ಕೆ ಮಾಡಲಾಗಿದೆ ಎಂದು ಮುಖಂಡ ಸಿಂದಗಿ ಹೇಳಿದರು. ತಾಲೂಕಿನ ವಿವಿಧ ಸರ್ಕಾರಿ ಶಾಲೆಗಳಿಗೆ ಕಂಪ್ಯೂಟರ್, ಸ್ಮಾರ್ಟ್ ಕ್ಲಾಸ್ ಹಾಗೂ ಕಲಿಕಾ ಸಾಮಗ್ರಿಗಳನ್ನು ವಿತರಿಸಿ ಮಾತನಾಡಿದರು. ಸುಮಾರು 13 ಶಾಲೆಗಳ 465 ವಿದ್ಯಾರ್ಥಿಗಳಿಗೆ ಇದರ ಪ್ರಯೋಜನ ದೊರೆಯಲಿದೆ. ಶಿಕ್ಷಕರು ಹೊಸ ತಂತ್ರಜ್ಞಾನ ಬಳಸಿ ಮಕ್ಕಳಿಗೆ ಬೋಧಿಸಬೇಕು. ಪಾಲಕರು ಮಕ್ಕಳ ಶಿಕ್ಷಣದ ಬಗ್ಗೆ ಕಾಳಜಿ ವಹಿಸಬೇಕು ಎಂದರು. ಕಾರ್ಯಕ್ರಮದಲ್ಲಿ ಕ್ಷೇತ್ರ ಶಿಕ್ಷಣಾಧಿಕಾರಿಗಳು, ಮುಖ್ಯ ಶಿಕ್ಷಕರು, ಎಸ್‌ಡಿಎಂಸಿ ಅಧ್ಯಕ್ಷರು ಹಾಗೂ ಗ್ರಾಮಸ್ಥರು ಉಪಸ್ಥಿತರಿದ್ದರು.
